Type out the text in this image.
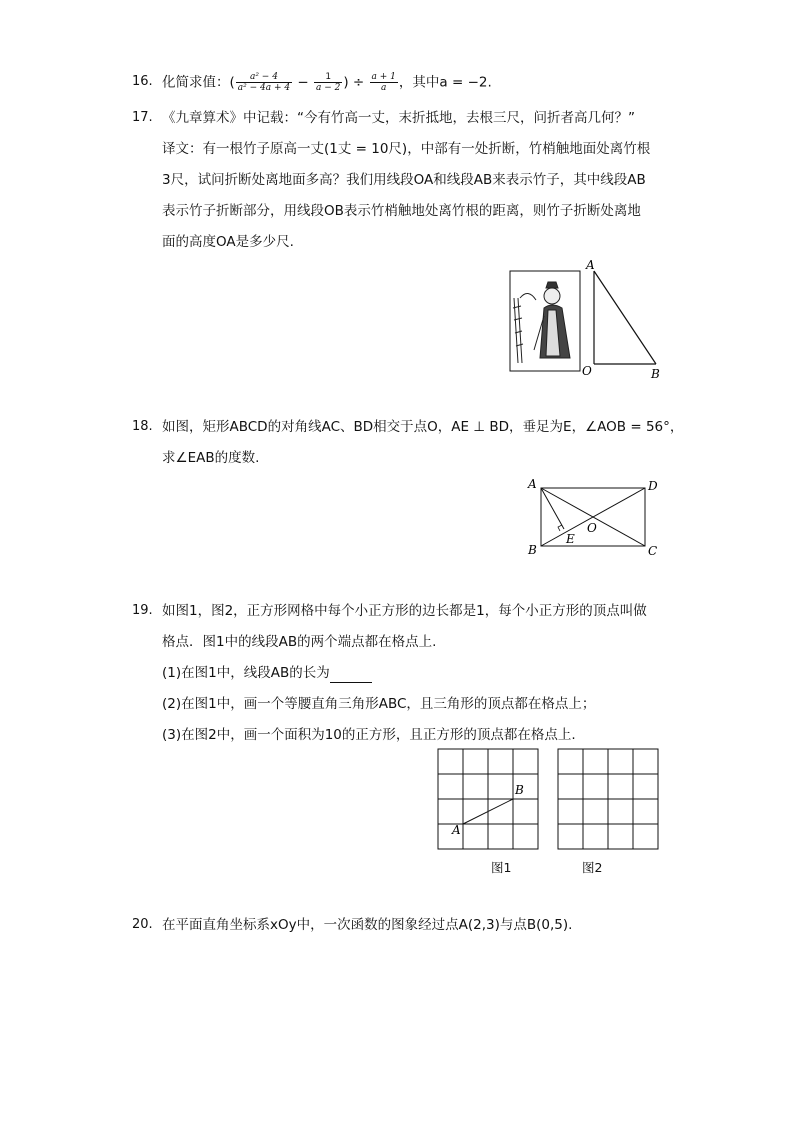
16. 化简求值：( $\frac{\text{a² − 4}}{\text{a² − 4a + 4}} - \frac{1}{a - 2}$ ) ÷ $\frac{a + 1}{a}$ ，其中a = −2.
17. 《九章算术》中记载：“今有竹高一丈，末折抵地，去根三尺，问折者高几何？”
译文：有一根竹子原高一丈(1丈 = 10尺)，中部有一处折断，竹梢触地面处离竹根
3尺，试问折断处离地面多高？我们用线段OA和线段AB来表示竹子，其中线段AB
表示竹子折断部分，用线段OB表示竹梢触地处离竹根的距离，则竹子折断处离地
面的高度OA是多少尺.
A
O	B
18. 如图，矩形ABCD的对角线AC、BD相交于点O，AE ⊥ BD，垂足为E，∠AOB = 56°，
求∠EAB的度数.
A	D
B	C
E
O
19. 如图1，图2，正方形网格中每个小正方形的边长都是1，每个小正方形的顶点叫做
格点．图1中的线段AB的两个端点都在格点上.
(1)在图1中，线段AB的长为
(2)在图1中，画一个等腰直角三角形ABC，且三角形的顶点都在格点上；
(3)在图2中，画一个面积为10的正方形，且正方形的顶点都在格点上.
A
B
图1	图2
20. 在平面直角坐标系xOy中，一次函数的图象经过点A(2,3)与点B(0,5).
